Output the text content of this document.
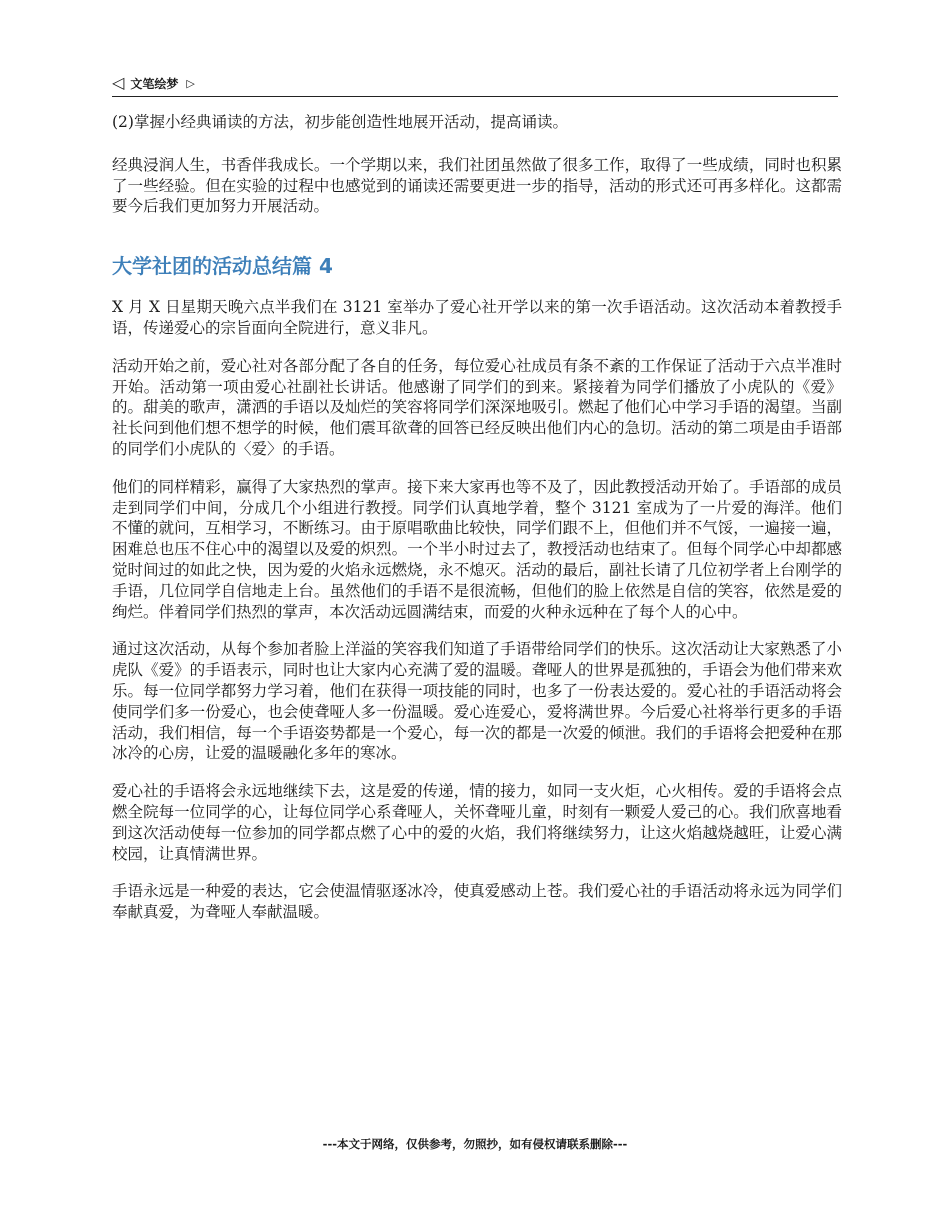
◁ 文笔绘梦 ▷

(2)掌握小经典诵读的方法，初步能创造性地展开活动，提高诵读。

经典浸润人生，书香伴我成长。一个学期以来，我们社团虽然做了很多工作，取得了一些成绩，同时也积累了一些经验。但在实验的过程中也感觉到的诵读还需要更进一步的指导，活动的形式还可再多样化。这都需要今后我们更加努力开展活动。

大学社团的活动总结篇 4

X 月 X 日星期天晚六点半我们在 3121 室举办了爱心社开学以来的第一次手语活动。这次活动本着教授手语，传递爱心的宗旨面向全院进行，意义非凡。

活动开始之前，爱心社对各部分配了各自的任务，每位爱心社成员有条不紊的工作保证了活动于六点半准时开始。活动第一项由爱心社副社长讲话。他感谢了同学们的到来。紧接着为同学们播放了小虎队的《爱》的。甜美的歌声，潇洒的手语以及灿烂的笑容将同学们深深地吸引。燃起了他们心中学习手语的渴望。当副社长问到他们想不想学的时候，他们震耳欲聋的回答已经反映出他们内心的急切。活动的第二项是由手语部的同学们小虎队的〈爱〉的手语。

他们的同样精彩，赢得了大家热烈的掌声。接下来大家再也等不及了，因此教授活动开始了。手语部的成员走到同学们中间，分成几个小组进行教授。同学们认真地学着，整个 3121 室成为了一片爱的海洋。他们不懂的就问，互相学习，不断练习。由于原唱歌曲比较快，同学们跟不上，但他们并不气馁，一遍接一遍，困难总也压不住心中的渴望以及爱的炽烈。一个半小时过去了，教授活动也结束了。但每个同学心中却都感觉时间过的如此之快，因为爱的火焰永远燃烧，永不熄灭。活动的最后，副社长请了几位初学者上台刚学的手语，几位同学自信地走上台。虽然他们的手语不是很流畅，但他们的脸上依然是自信的笑容，依然是爱的绚烂。伴着同学们热烈的掌声，本次活动远圆满结束，而爱的火种永远种在了每个人的心中。

通过这次活动，从每个参加者脸上洋溢的笑容我们知道了手语带给同学们的快乐。这次活动让大家熟悉了小虎队《爱》的手语表示，同时也让大家内心充满了爱的温暖。聋哑人的世界是孤独的，手语会为他们带来欢乐。每一位同学都努力学习着，他们在获得一项技能的同时，也多了一份表达爱的。爱心社的手语活动将会使同学们多一份爱心，也会使聋哑人多一份温暖。爱心连爱心，爱将满世界。今后爱心社将举行更多的手语活动，我们相信，每一个手语姿势都是一个爱心，每一次的都是一次爱的倾泄。我们的手语将会把爱种在那冰冷的心房，让爱的温暖融化多年的寒冰。

爱心社的手语将会永远地继续下去，这是爱的传递，情的接力，如同一支火炬，心火相传。爱的手语将会点燃全院每一位同学的心，让每位同学心系聋哑人，关怀聋哑儿童，时刻有一颗爱人爱己的心。我们欣喜地看到这次活动使每一位参加的同学都点燃了心中的爱的火焰，我们将继续努力，让这火焰越烧越旺，让爱心满校园，让真情满世界。

手语永远是一种爱的表达，它会使温情驱逐冰冷，使真爱感动上苍。我们爱心社的手语活动将永远为同学们奉献真爱，为聋哑人奉献温暖。

---本文于网络，仅供参考，勿照抄，如有侵权请联系删除---
